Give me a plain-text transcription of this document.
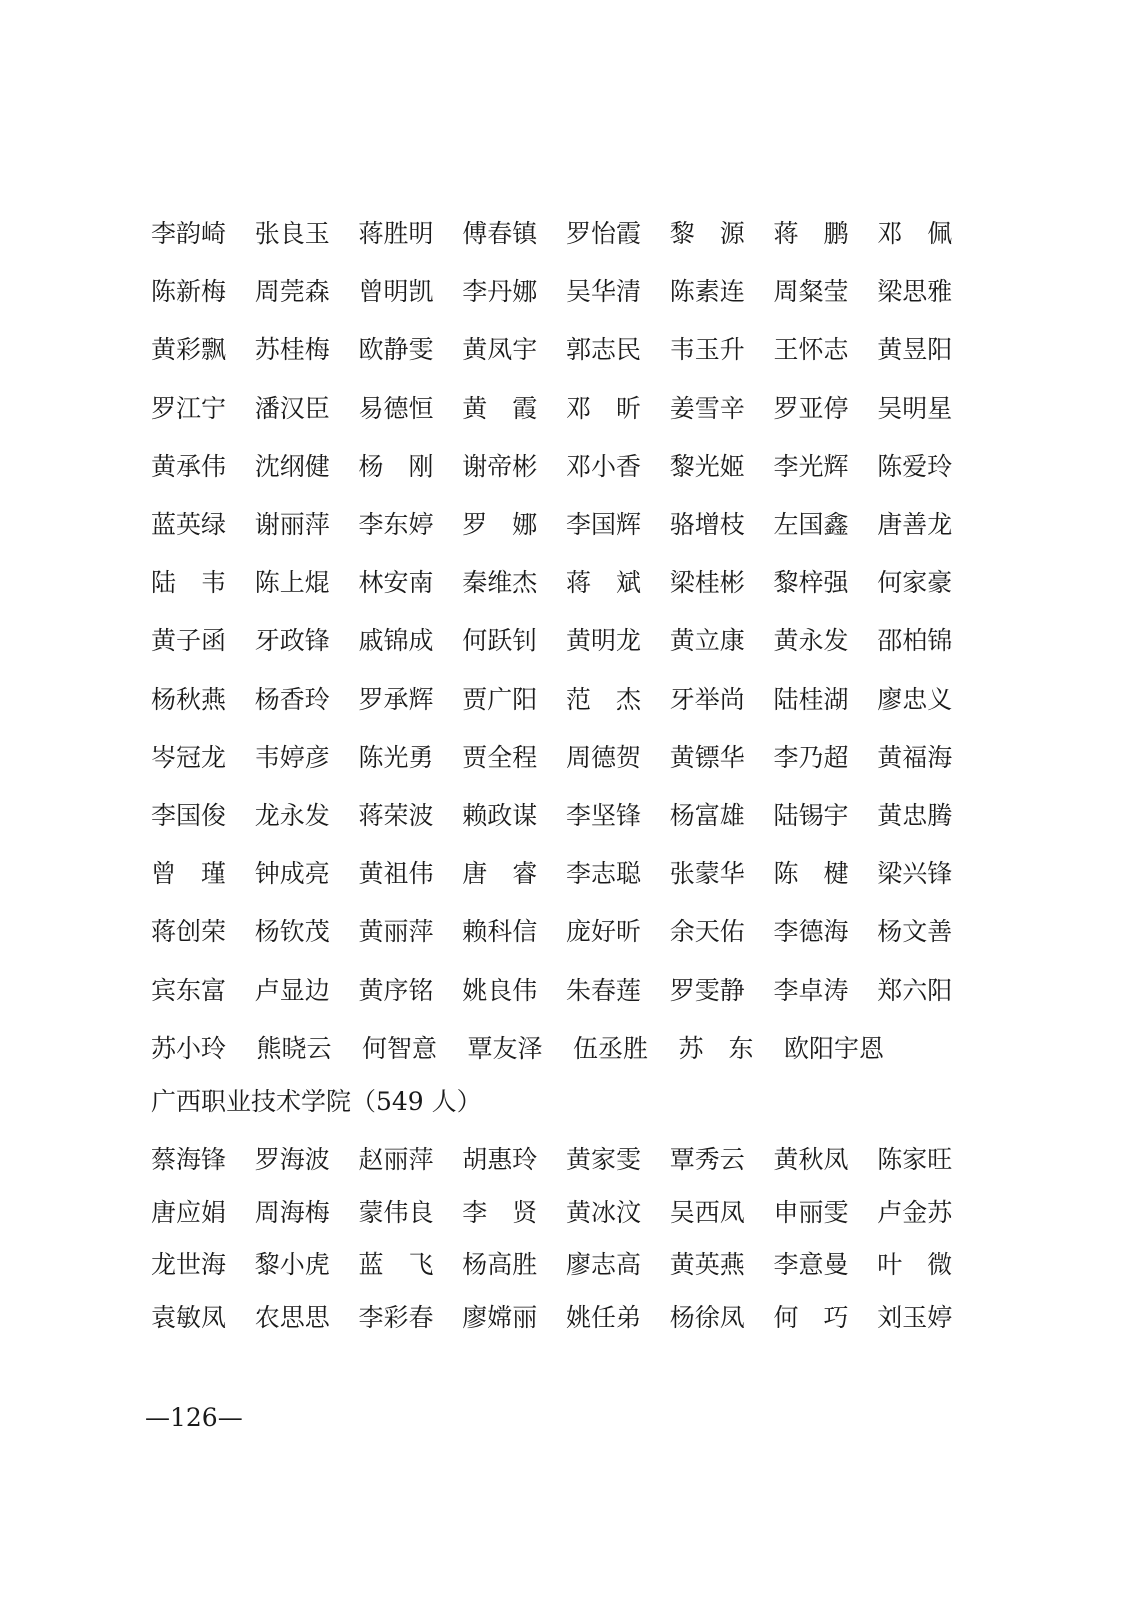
李韵崎	张良玉	蒋胜明	傅春镇	罗怡霞	黎　源	蒋　鹏	邓　佩
陈新梅	周莞森	曾明凯	李丹娜	吴华清	陈素连	周粲莹	梁思雅
黄彩飘	苏桂梅	欧静雯	黄凤宇	郭志民	韦玉升	王怀志	黄昱阳
罗江宁	潘汉臣	易德恒	黄　霞	邓　昕	姜雪辛	罗亚停	吴明星
黄承伟	沈纲健	杨　刚	谢帝彬	邓小香	黎光姬	李光辉	陈爱玲
蓝英绿	谢丽萍	李东婷	罗　娜	李国辉	骆增枝	左国鑫	唐善龙
陆　韦	陈上焜	林安南	秦维杰	蒋　斌	梁桂彬	黎梓强	何家豪
黄子函	牙政锋	戚锦成	何跃钊	黄明龙	黄立康	黄永发	邵柏锦
杨秋燕	杨香玲	罗承辉	贾广阳	范　杰	牙举尚	陆桂湖	廖忠义
岑冠龙	韦婷彦	陈光勇	贾全程	周德贺	黄镖华	李乃超	黄福海
李国俊	龙永发	蒋荣波	赖政谋	李坚锋	杨富雄	陆锡宇	黄忠腾
曾　瑾	钟成亮	黄祖伟	唐　睿	李志聪	张蒙华	陈　楗	梁兴锋
蒋创荣	杨钦茂	黄丽萍	赖科信	庞好昕	余天佑	李德海	杨文善
宾东富	卢显边	黄序铭	姚良伟	朱春莲	罗雯静	李卓涛	郑六阳
苏小玲	熊晓云	何智意	覃友泽	伍丞胜	苏　东	欧阳宇恩
广西职业技术学院（549 人）
蔡海锋	罗海波	赵丽萍	胡惠玲	黄家雯	覃秀云	黄秋凤	陈家旺
唐应娟	周海梅	蒙伟良	李　贤	黄冰汶	吴西凤	申丽雯	卢金苏
龙世海	黎小虎	蓝　飞	杨高胜	廖志高	黄英燕	李意曼	叶　微
袁敏凤	农思思	李彩春	廖嫦丽	姚任弟	杨徐凤	何　巧	刘玉婷
—126—
